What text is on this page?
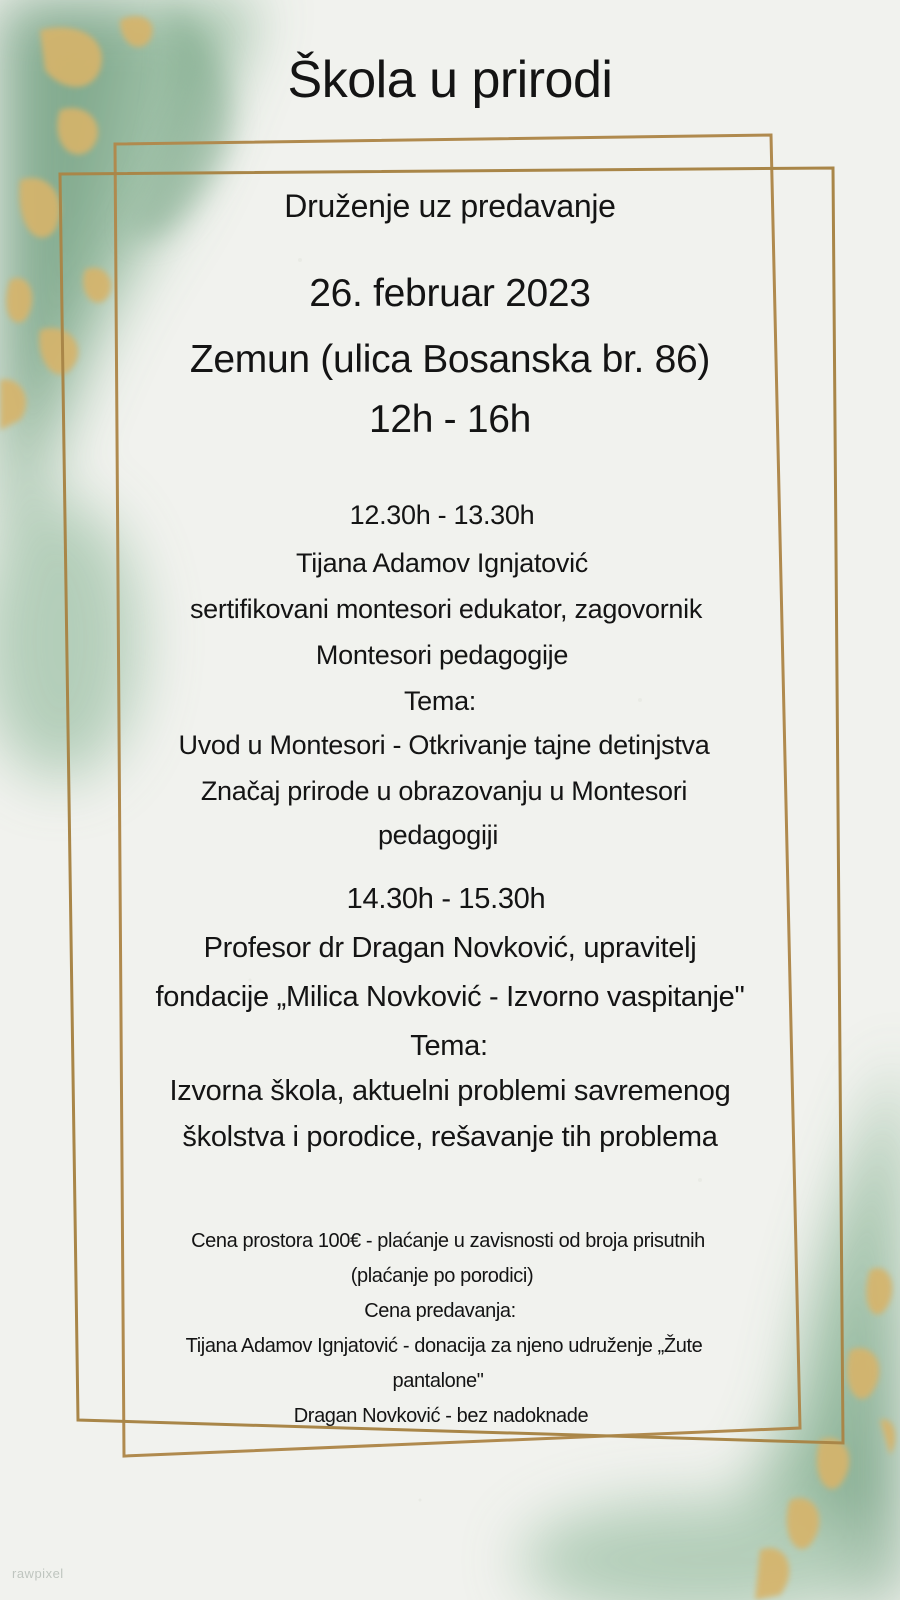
Škola u prirodi
Druženje uz predavanje
26. februar 2023
Zemun (ulica Bosanska br. 86)
12h - 16h
12.30h - 13.30h
Tijana Adamov Ignjatović
sertifikovani montesori edukator, zagovornik
Montesori pedagogije
Tema:
Uvod u Montesori - Otkrivanje tajne detinjstva
Značaj prirode u obrazovanju u Montesori
pedagogiji
14.30h - 15.30h
Profesor dr Dragan Novković, upravitelj
fondacije „Milica Novković - Izvorno vaspitanje"
Tema:
Izvorna škola, aktuelni problemi savremenog
školstva i porodice, rešavanje tih problema
Cena prostora 100€ - plaćanje u zavisnosti od broja prisutnih
(plaćanje po porodici)
Cena predavanja:
Tijana Adamov Ignjatović - donacija za njeno udruženje „Žute
pantalone"
Dragan Novković - bez nadoknade
rawpixel
